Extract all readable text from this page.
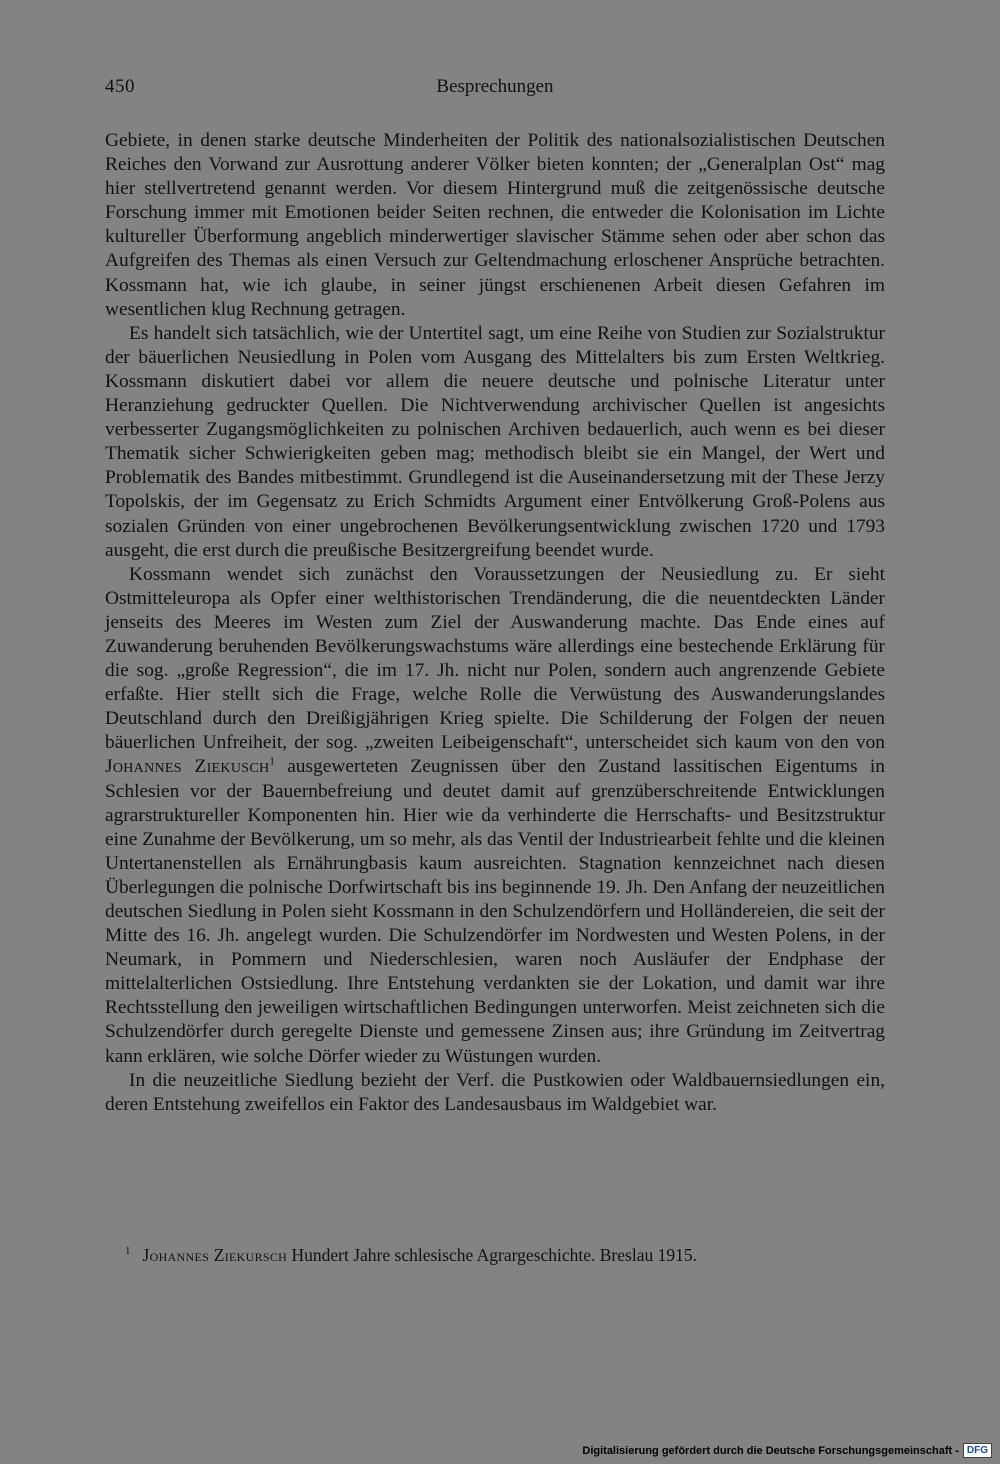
450	Besprechungen

Gebiete, in denen starke deutsche Minderheiten der Politik des nationalsozialistischen Deutschen Reiches den Vorwand zur Ausrottung anderer Völker bieten konnten; der „Generalplan Ost“ mag hier stellvertretend genannt werden. Vor diesem Hintergrund muß die zeitgenössische deutsche Forschung immer mit Emotionen beider Seiten rechnen, die entweder die Kolonisation im Lichte kultureller Überformung angeblich minderwertiger slavischer Stämme sehen oder aber schon das Aufgreifen des Themas als einen Versuch zur Geltendmachung erloschener Ansprüche betrachten. Kossmann hat, wie ich glaube, in seiner jüngst erschienenen Arbeit diesen Gefahren im wesentlichen klug Rechnung getragen.

Es handelt sich tatsächlich, wie der Untertitel sagt, um eine Reihe von Studien zur Sozialstruktur der bäuerlichen Neusiedlung in Polen vom Ausgang des Mittelalters bis zum Ersten Weltkrieg. Kossmann diskutiert dabei vor allem die neuere deutsche und polnische Literatur unter Heranziehung gedruckter Quellen. Die Nichtverwendung archivischer Quellen ist angesichts verbesserter Zugangsmöglichkeiten zu polnischen Archiven bedauerlich, auch wenn es bei dieser Thematik sicher Schwierigkeiten geben mag; methodisch bleibt sie ein Mangel, der Wert und Problematik des Bandes mitbestimmt. Grundlegend ist die Auseinandersetzung mit der These Jerzy Topolskis, der im Gegensatz zu Erich Schmidts Argument einer Entvölkerung Groß-Polens aus sozialen Gründen von einer ungebrochenen Bevölkerungsentwicklung zwischen 1720 und 1793 ausgeht, die erst durch die preußische Besitzergreifung beendet wurde.

Kossmann wendet sich zunächst den Voraussetzungen der Neusiedlung zu. Er sieht Ostmitteleuropa als Opfer einer welthistorischen Trendänderung, die die neuentdeckten Länder jenseits des Meeres im Westen zum Ziel der Auswanderung machte. Das Ende eines auf Zuwanderung beruhenden Bevölkerungswachstums wäre allerdings eine bestechende Erklärung für die sog. „große Regression“, die im 17. Jh. nicht nur Polen, sondern auch angrenzende Gebiete erfaßte. Hier stellt sich die Frage, welche Rolle die Verwüstung des Auswanderungslandes Deutschland durch den Dreißigjährigen Krieg spielte. Die Schilderung der Folgen der neuen bäuerlichen Unfreiheit, der sog. „zweiten Leibeigenschaft“, unterscheidet sich kaum von den von Johannes Ziekusch$^1$ ausgewerteten Zeugnissen über den Zustand lassitischen Eigentums in Schlesien vor der Bauernbefreiung und deutet damit auf grenzüberschreitende Entwicklungen agrarstruktureller Komponenten hin. Hier wie da verhinderte die Herrschafts- und Besitzstruktur eine Zunahme der Bevölkerung, um so mehr, als das Ventil der Industriearbeit fehlte und die kleinen Untertanenstellen als Ernährungbasis kaum ausreichten. Stagnation kennzeichnet nach diesen Überlegungen die polnische Dorfwirtschaft bis ins beginnende 19. Jh. Den Anfang der neuzeitlichen deutschen Siedlung in Polen sieht Kossmann in den Schulzendörfern und Holländereien, die seit der Mitte des 16. Jh. angelegt wurden. Die Schulzendörfer im Nordwesten und Westen Polens, in der Neumark, in Pommern und Niederschlesien, waren noch Ausläufer der Endphase der mittelalterlichen Ostsiedlung. Ihre Entstehung verdankten sie der Lokation, und damit war ihre Rechtsstellung den jeweiligen wirtschaftlichen Bedingungen unterworfen. Meist zeichneten sich die Schulzendörfer durch geregelte Dienste und gemessene Zinsen aus; ihre Gründung im Zeitvertrag kann erklären, wie solche Dörfer wieder zu Wüstungen wurden.

In die neuzeitliche Siedlung bezieht der Verf. die Pustkowien oder Waldbauernsiedlungen ein, deren Entstehung zweifellos ein Faktor des Landesausbaus im Waldgebiet war.

$^1$ Johannes Ziekursch Hundert Jahre schlesische Agrargeschichte. Breslau 1915.
Digitalisierung gefördert durch die Deutsche Forschungsgemeinschaft - DFG
